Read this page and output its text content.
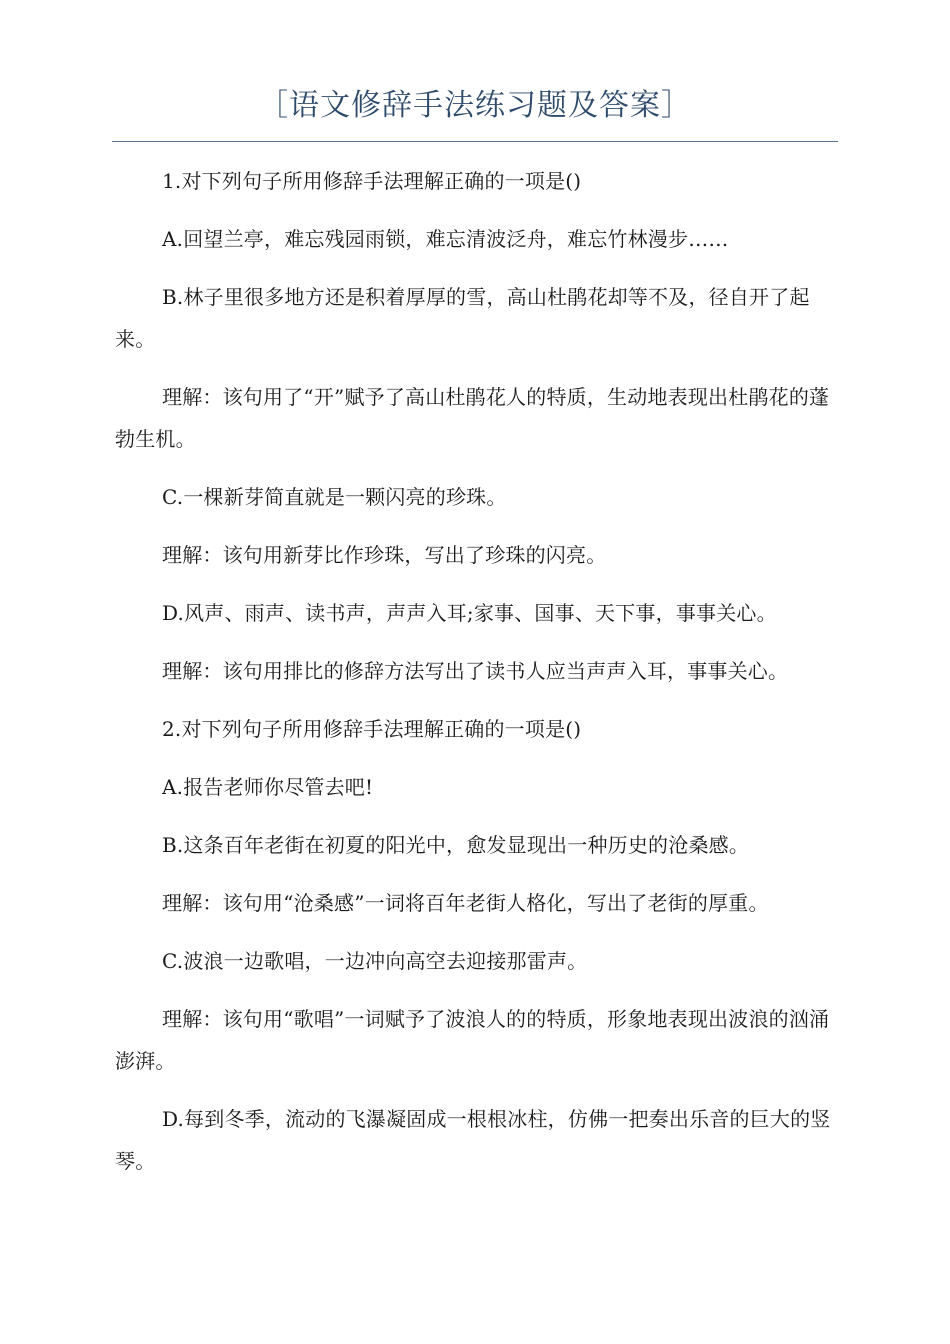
［语文修辞手法练习题及答案］

1.对下列句子所用修辞手法理解正确的一项是()

A.回望兰亭，难忘残园雨锁，难忘清波泛舟，难忘竹林漫步……

B.林子里很多地方还是积着厚厚的雪，高山杜鹃花却等不及，径自开了起来。

理解：该句用了“开”赋予了高山杜鹃花人的特质，生动地表现出杜鹃花的蓬勃生机。

C.一棵新芽简直就是一颗闪亮的珍珠。

理解：该句用新芽比作珍珠，写出了珍珠的闪亮。

D.风声、雨声、读书声，声声入耳;家事、国事、天下事，事事关心。

理解：该句用排比的修辞方法写出了读书人应当声声入耳，事事关心。

2.对下列句子所用修辞手法理解正确的一项是()

A.报告老师你尽管去吧!

B.这条百年老街在初夏的阳光中，愈发显现出一种历史的沧桑感。

理解：该句用“沧桑感”一词将百年老街人格化，写出了老街的厚重。

C.波浪一边歌唱，一边冲向高空去迎接那雷声。

理解：该句用“歌唱”一词赋予了波浪人的的特质，形象地表现出波浪的汹涌澎湃。

D.每到冬季，流动的飞瀑凝固成一根根冰柱，仿佛一把奏出乐音的巨大的竖琴。
